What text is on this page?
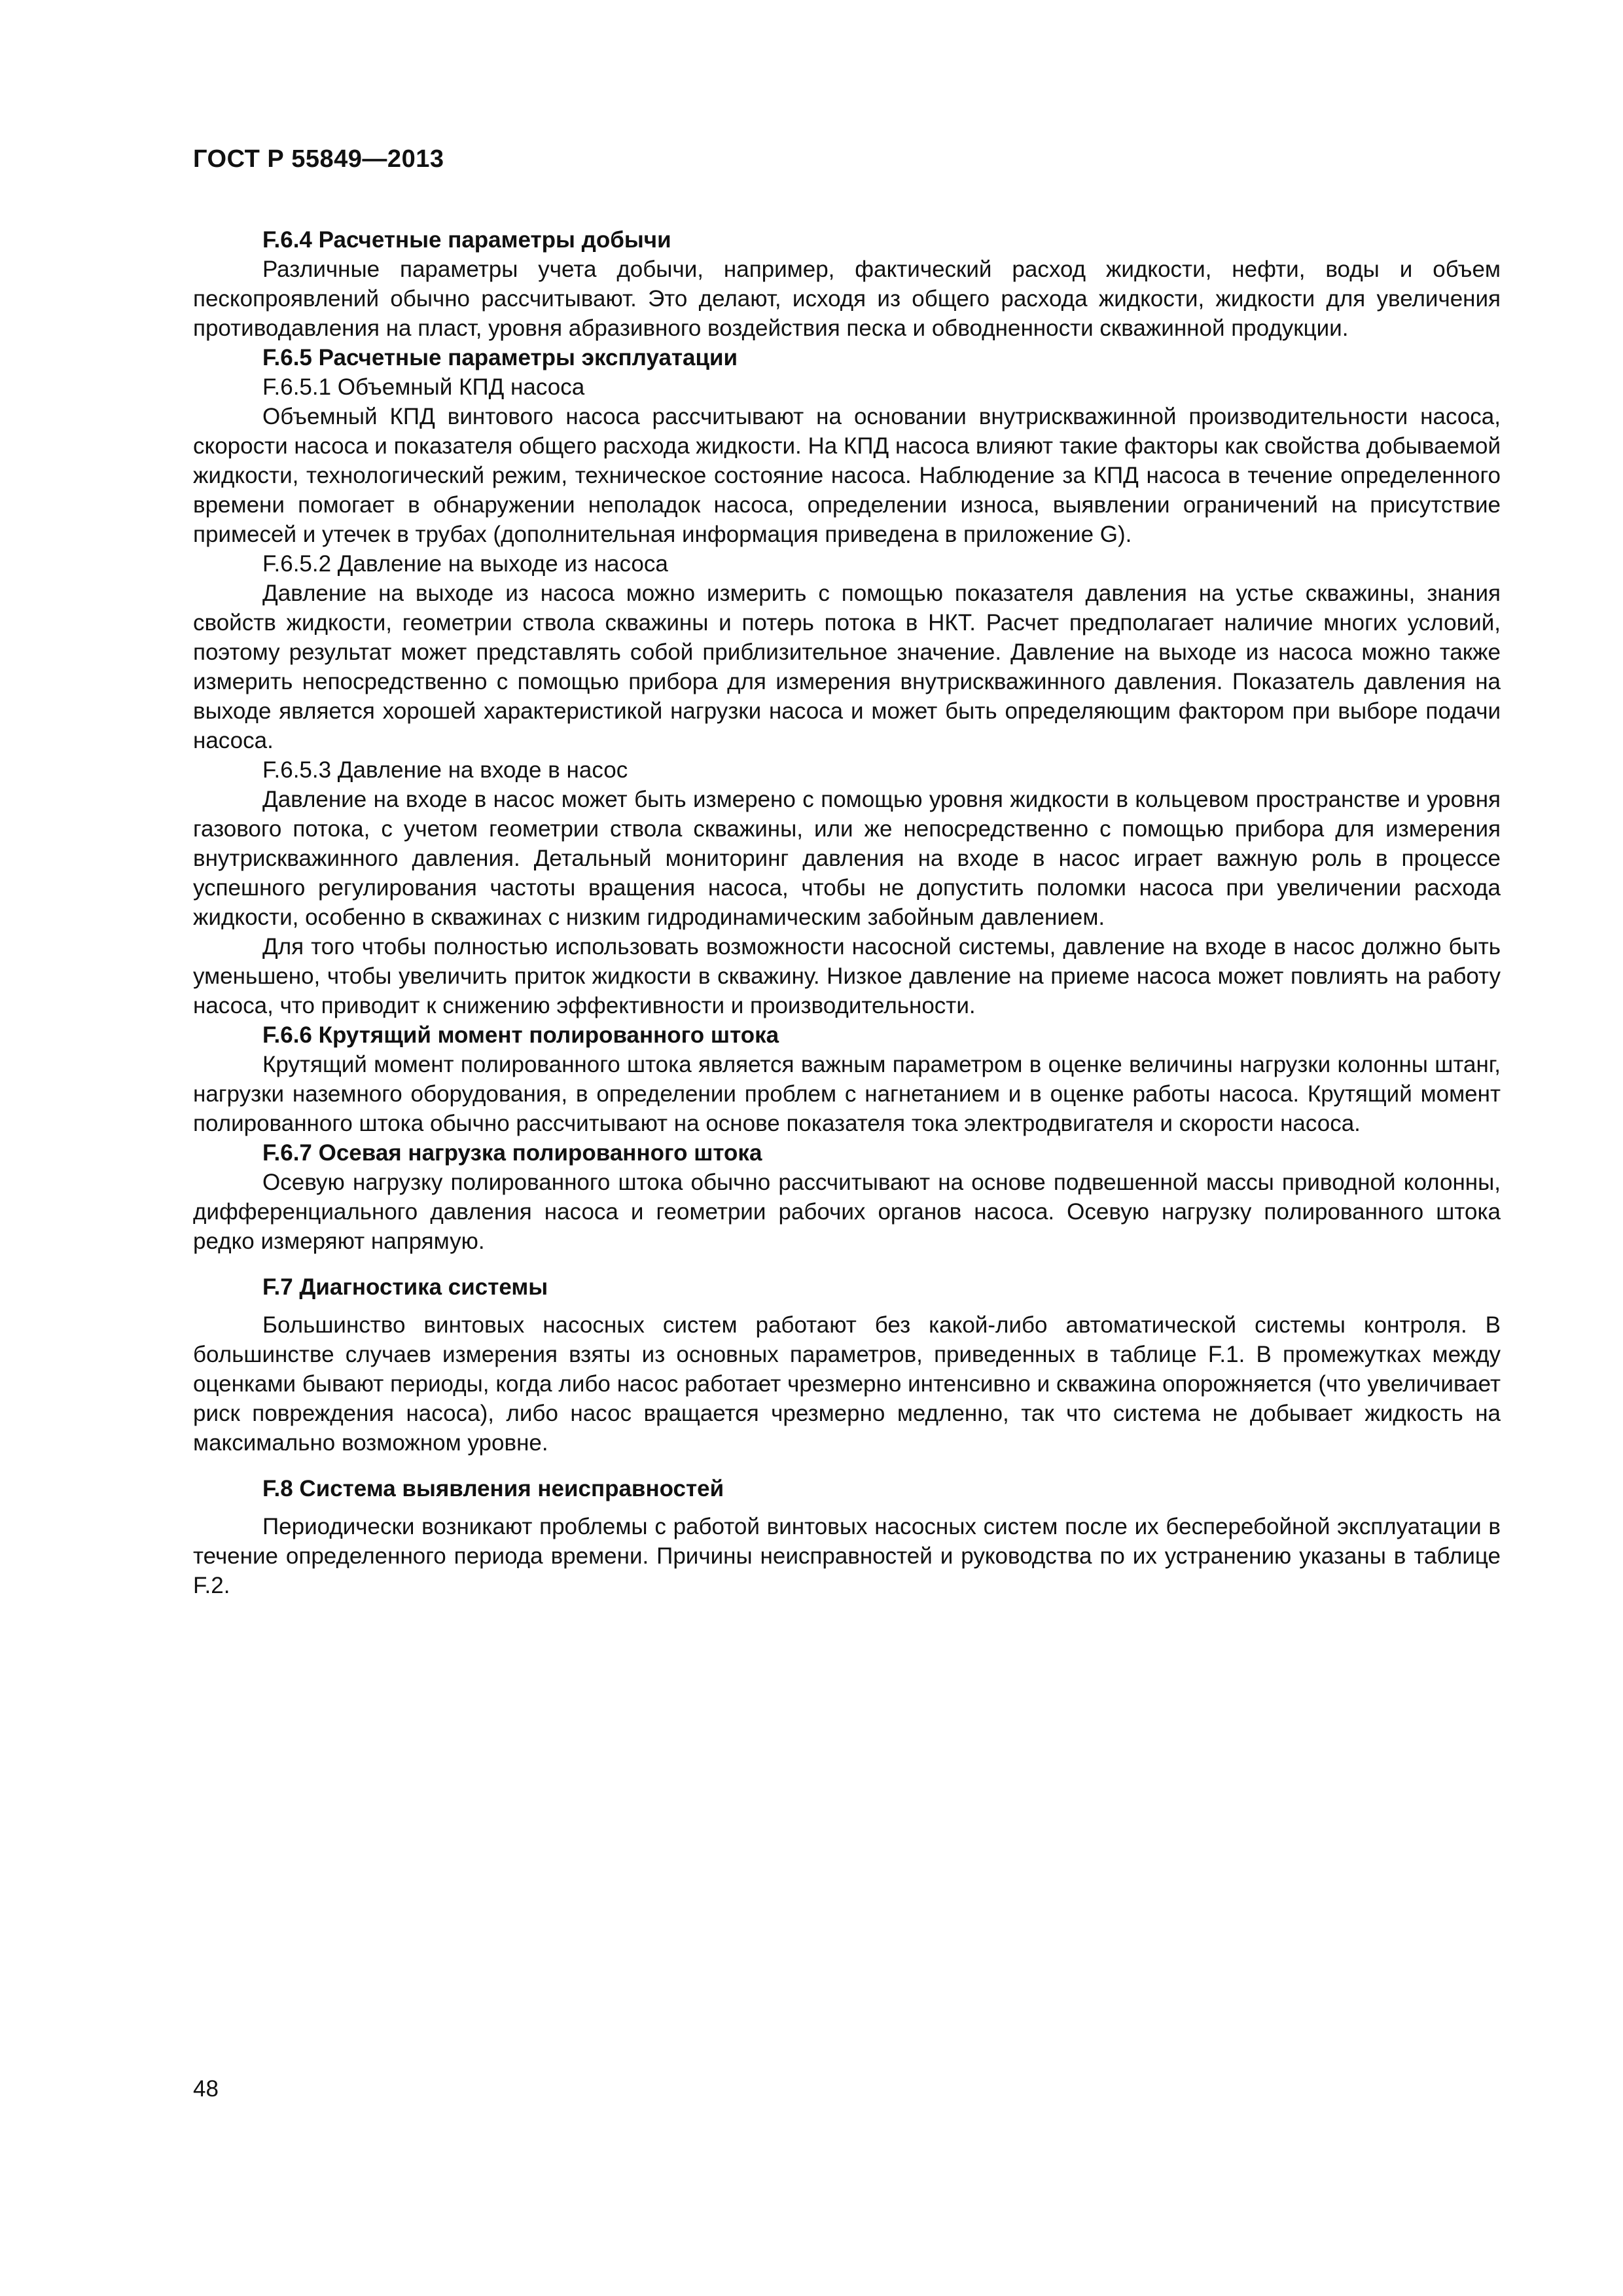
ГОСТ Р 55849—2013

F.6.4 Расчетные параметры добычи

Различные параметры учета добычи, например, фактический расход жидкости, нефти, воды и объем пескопроявлений обычно рассчитывают. Это делают, исходя из общего расхода жидкости, жидкости для увеличения противодавления на пласт, уровня абразивного воздействия песка и обводненности скважинной продукции.

F.6.5 Расчетные параметры эксплуатации

F.6.5.1 Объемный КПД насоса

Объемный КПД винтового насоса рассчитывают на основании внутрискважинной производительности насоса, скорости насоса и показателя общего расхода жидкости. На КПД насоса влияют такие факторы как свойства добываемой жидкости, технологический режим, техническое состояние насоса. Наблюдение за КПД насоса в течение определенного времени помогает в обнаружении неполадок насоса, определении износа, выявлении ограничений на присутствие примесей и утечек в трубах (дополнительная информация приведена в приложение G).

F.6.5.2 Давление на выходе из насоса

Давление на выходе из насоса можно измерить с помощью показателя давления на устье скважины, знания свойств жидкости, геометрии ствола скважины и потерь потока в НКТ. Расчет предполагает наличие многих условий, поэтому результат может представлять собой приблизительное значение. Давление на выходе из насоса можно также измерить непосредственно с помощью прибора для измерения внутрискважинного давления. Показатель давления на выходе является хорошей характеристикой нагрузки насоса и может быть определяющим фактором при выборе подачи насоса.

F.6.5.3 Давление на входе в насос

Давление на входе в насос может быть измерено с помощью уровня жидкости в кольцевом пространстве и уровня газового потока, с учетом геометрии ствола скважины, или же непосредственно с помощью прибора для измерения внутрискважинного давления. Детальный мониторинг давления на входе в насос играет важную роль в процессе успешного регулирования частоты вращения насоса, чтобы не допустить поломки насоса при увеличении расхода жидкости, особенно в скважинах с низким гидродинамическим забойным давлением.

Для того чтобы полностью использовать возможности насосной системы, давление на входе в насос должно быть уменьшено, чтобы увеличить приток жидкости в скважину. Низкое давление на приеме насоса может повлиять на работу насоса, что приводит к снижению эффективности и производительности.

F.6.6 Крутящий момент полированного штока

Крутящий момент полированного штока является важным параметром в оценке величины нагрузки колонны штанг, нагрузки наземного оборудования, в определении проблем с нагнетанием и в оценке работы насоса. Крутящий момент полированного штока обычно рассчитывают на основе показателя тока электродвигателя и скорости насоса.

F.6.7 Осевая нагрузка полированного штока

Осевую нагрузку полированного штока обычно рассчитывают на основе подвешенной массы приводной колонны, дифференциального давления насоса и геометрии рабочих органов насоса. Осевую нагрузку полированного штока редко измеряют напрямую.

F.7 Диагностика системы

Большинство винтовых насосных систем работают без какой-либо автоматической системы контроля. В большинстве случаев измерения взяты из основных параметров, приведенных в таблице F.1. В промежутках между оценками бывают периоды, когда либо насос работает чрезмерно интенсивно и скважина опорожняется (что увеличивает риск повреждения насоса), либо насос вращается чрезмерно медленно, так что система не добывает жидкость на максимально возможном уровне.

F.8 Система выявления неисправностей

Периодически возникают проблемы с работой винтовых насосных систем после их бесперебойной эксплуатации в течение определенного периода времени. Причины неисправностей и руководства по их устранению указаны в таблице F.2.

48
